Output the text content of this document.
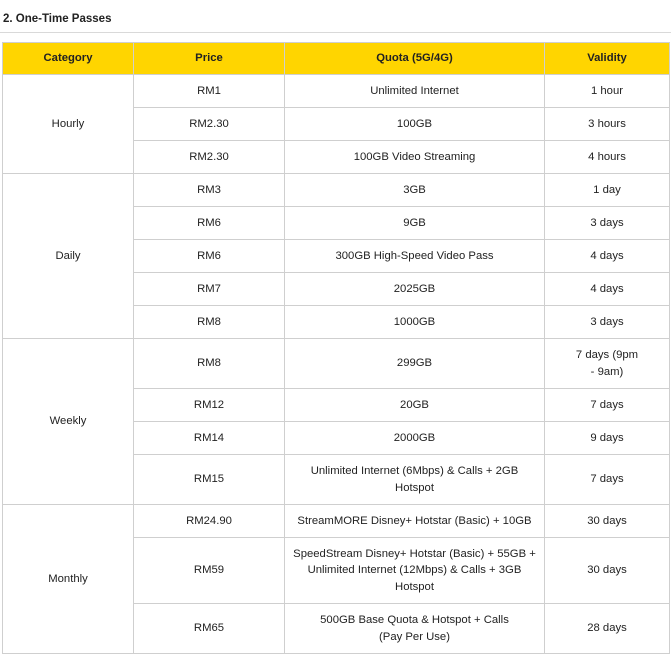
2. One-Time Passes
Category	Price	Quota (5G/4G)	Validity
Hourly	RM1	Unlimited Internet	1 hour
	RM2.30	100GB	3 hours
	RM2.30	100GB Video Streaming	4 hours
Daily	RM3	3GB	1 day
	RM6	9GB	3 days
	RM6	300GB High-Speed Video Pass	4 days
	RM7	2025GB	4 days
	RM8	1000GB	3 days
Weekly	RM8	299GB	7 days (9pm - 9am)
	RM12	20GB	7 days
	RM14	2000GB	9 days
	RM15	Unlimited Internet (6Mbps) & Calls + 2GB Hotspot	7 days
Monthly	RM24.90	StreamMORE Disney+ Hotstar (Basic) + 10GB	30 days
	RM59	SpeedStream Disney+ Hotstar (Basic) + 55GB + Unlimited Internet (12Mbps) & Calls + 3GB Hotspot	30 days
	RM65	500GB Base Quota & Hotspot + Calls (Pay Per Use)	28 days
